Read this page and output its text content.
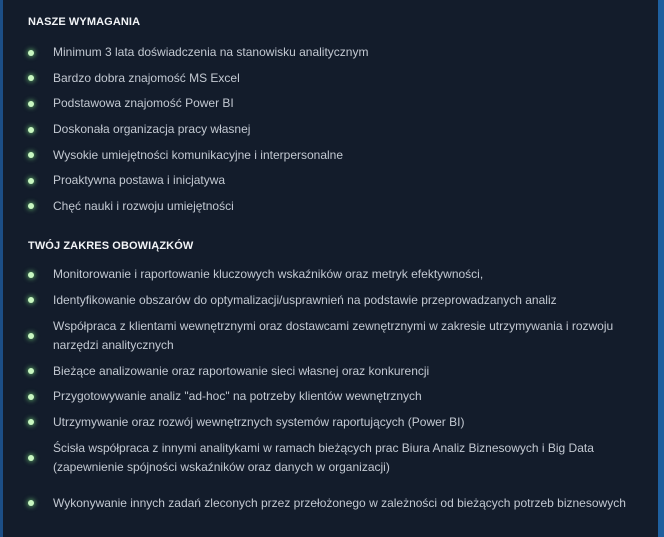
NASZE WYMAGANIA
Minimum 3 lata doświadczenia na stanowisku analitycznym
Bardzo dobra znajomość MS Excel
Podstawowa znajomość Power BI
Doskonała organizacja pracy własnej
Wysokie umiejętności komunikacyjne i interpersonalne
Proaktywna postawa i inicjatywa
Chęć nauki i rozwoju umiejętności
TWÓJ ZAKRES OBOWIĄZKÓW
Monitorowanie i raportowanie kluczowych wskaźników oraz metryk efektywności,
Identyfikowanie obszarów do optymalizacji/usprawnień na podstawie przeprowadzanych analiz
Współpraca z klientami wewnętrznymi oraz dostawcami zewnętrznymi w zakresie utrzymywania i rozwoju narzędzi analitycznych
Bieżące analizowanie oraz raportowanie sieci własnej oraz konkurencji
Przygotowywanie analiz "ad-hoc" na potrzeby klientów wewnętrznych
Utrzymywanie oraz rozwój wewnętrznych systemów raportujących (Power BI)
Ścisła współpraca z innymi analitykami w ramach bieżących prac Biura Analiz Biznesowych i Big Data (zapewnienie spójności wskaźników oraz danych w organizacji)
Wykonywanie innych zadań zleconych przez przełożonego w zależności od bieżących potrzeb biznesowych
